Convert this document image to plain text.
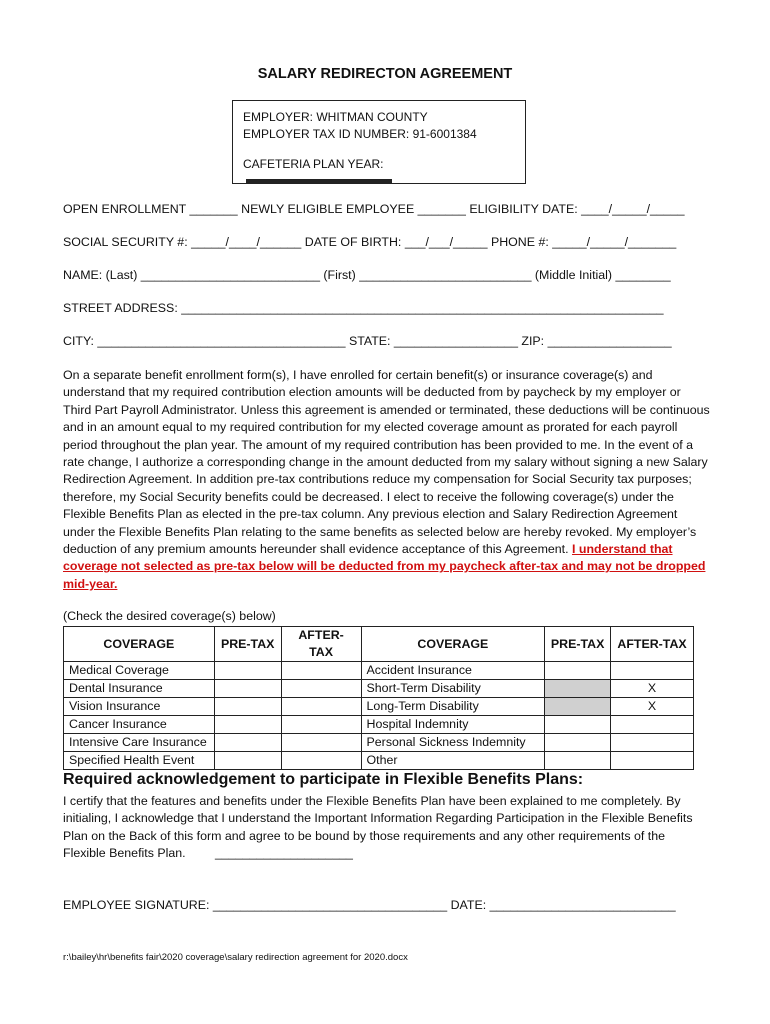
SALARY REDIRECTON AGREEMENT
EMPLOYER: WHITMAN COUNTY
EMPLOYER TAX ID NUMBER: 91-6001384
CAFETERIA PLAN YEAR:
OPEN ENROLLMENT _______ NEWLY ELIGIBLE EMPLOYEE _______ ELIGIBILITY DATE: ____/_____/_____
SOCIAL SECURITY #: _____/____/______ DATE OF BIRTH: ___/___/_____ PHONE #: _____/_____/_______
NAME: (Last) __________________________ (First) _________________________ (Middle Initial) ________
STREET ADDRESS: ______________________________________________________________________
CITY: ____________________________________ STATE: __________________ ZIP: __________________
On a separate benefit enrollment form(s), I have enrolled for certain benefit(s) or insurance coverage(s) and understand that my required contribution election amounts will be deducted from by paycheck by my employer or Third Part Payroll Administrator. Unless this agreement is amended or terminated, these deductions will be continuous and in an amount equal to my required contribution for my elected coverage amount as prorated for each payroll period throughout the plan year. The amount of my required contribution has been provided to me. In the event of a rate change, I authorize a corresponding change in the amount deducted from my salary without signing a new Salary Redirection Agreement. In addition pre-tax contributions reduce my compensation for Social Security tax purposes; therefore, my Social Security benefits could be decreased. I elect to receive the following coverage(s) under the Flexible Benefits Plan as elected in the pre-tax column. Any previous election and Salary Redirection Agreement under the Flexible Benefits Plan relating to the same benefits as selected below are hereby revoked. My employer’s deduction of any premium amounts hereunder shall evidence acceptance of this Agreement. I understand that coverage not selected as pre-tax below will be deducted from my paycheck after-tax and may not be dropped mid-year.
(Check the desired coverage(s) below)
COVERAGE	PRE-TAX	AFTER-TAX	COVERAGE	PRE-TAX	AFTER-TAX
Medical Coverage			Accident Insurance		
Dental Insurance			Short-Term Disability		X
Vision Insurance			Long-Term Disability		X
Cancer Insurance			Hospital Indemnity		
Intensive Care Insurance			Personal Sickness Indemnity		
Specified Health Event			Other		
Required acknowledgement to participate in Flexible Benefits Plans:
I certify that the features and benefits under the Flexible Benefits Plan have been explained to me completely. By initialing, I acknowledge that I understand the Important Information Regarding Participation in the Flexible Benefits Plan on the Back of this form and agree to be bound by those requirements and any other requirements of the Flexible Benefits Plan. ____________________
EMPLOYEE SIGNATURE: __________________________________ DATE: ___________________________
r:\bailey\hr\benefits fair\2020 coverage\salary redirection agreement for 2020.docx
